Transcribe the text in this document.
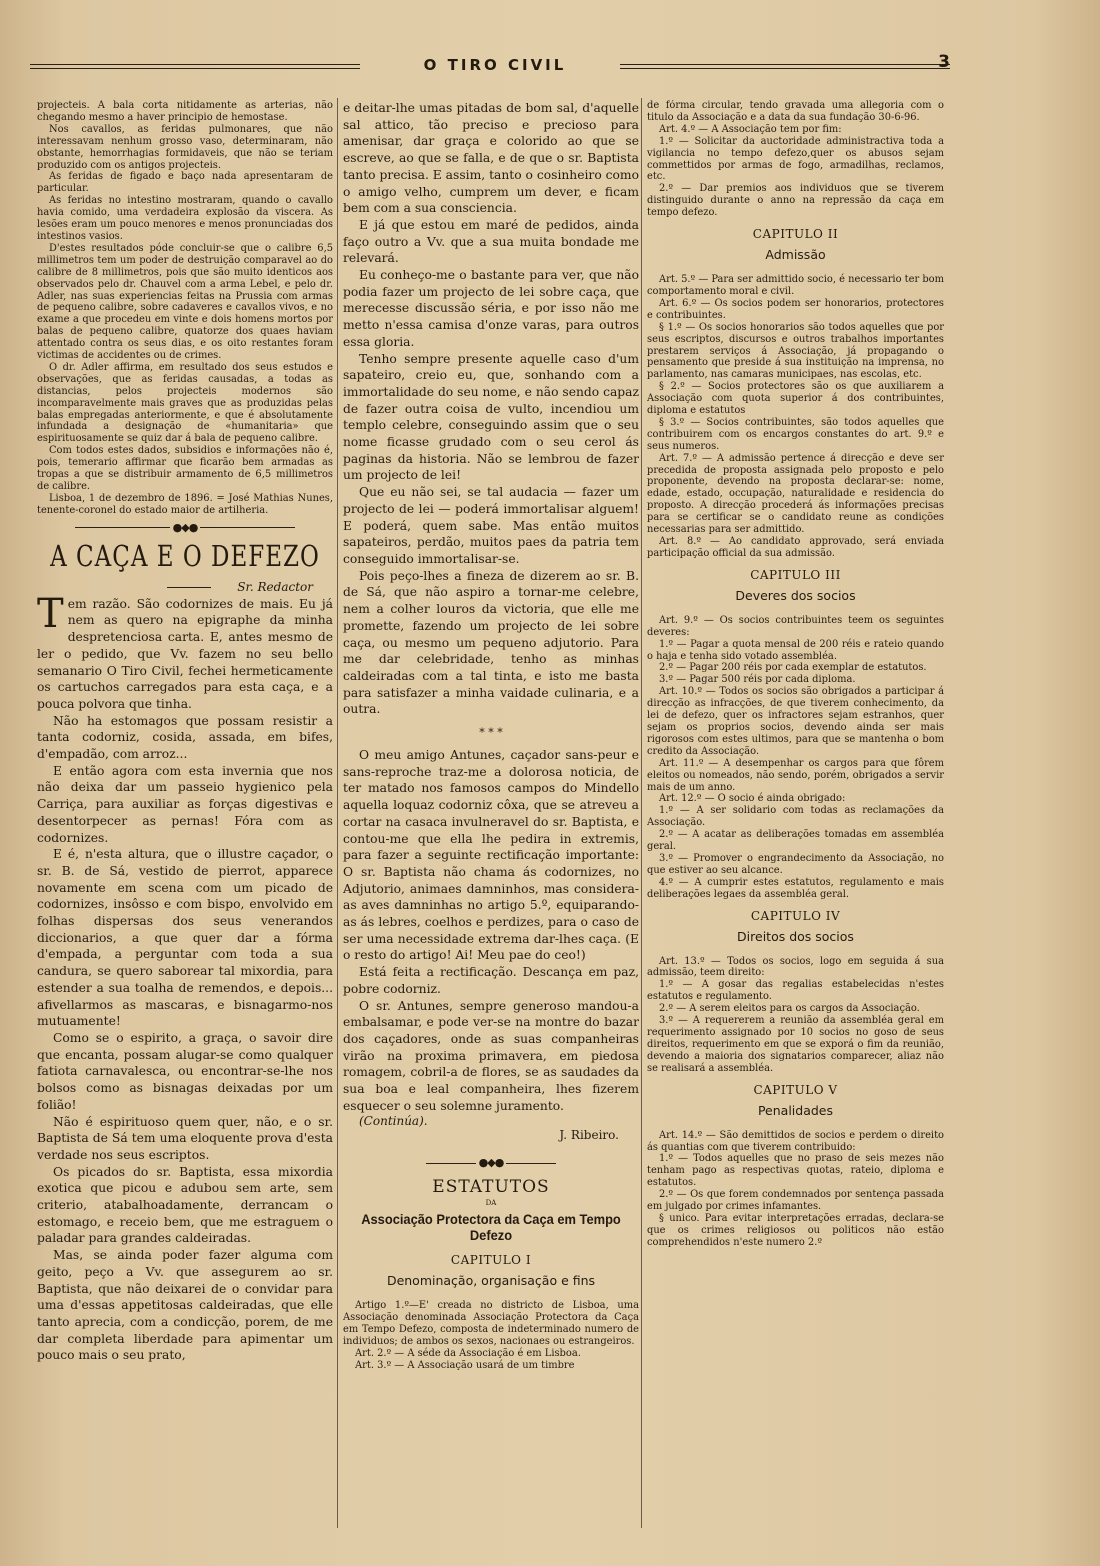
O TIRO CIVIL	3

projecteis. A bala corta nitidamente as arterias, não chegando mesmo a haver principio de hemostase.

Nos cavallos, as feridas pulmonares, que não interessavam nenhum grosso vaso, determinaram, não obstante, hemorrhagias formidaveis, que não se teriam produzido com os antigos projecteis.

As feridas de figado e baço nada apresentaram de particular.

As feridas no intestino mostraram, quando o cavallo havia comido, uma verdadeira explosão da viscera. As lesões eram um pouco menores e menos pronunciadas dos intestinos vasios.

D'estes resultados póde concluir-se que o calibre 6,5 millimetros tem um poder de destruição comparavel ao do calibre de 8 millimetros, pois que são muito identicos aos observados pelo dr. Chauvel com a arma Lebel, e pelo dr. Adler, nas suas experiencias feitas na Prussia com armas de pequeno calibre, sobre cadaveres e cavallos vivos, e no exame a que procedeu em vinte e dois homens mortos por balas de pequeno calibre, quatorze dos quaes haviam attentado contra os seus dias, e os oito restantes foram victimas de accidentes ou de crimes.

O dr. Adler affirma, em resultado dos seus estudos e observações, que as feridas causadas, a todas as distancias, pelos projecteis modernos são incomparavelmente mais graves que as produzidas pelas balas empregadas anteriormente, e que é absolutamente infundada a designação de «humanitaria» que espirituosamente se quiz dar á bala de pequeno calibre.

Com todos estes dados, subsidios e informações não é, pois, temerario affirmar que ficarão bem armadas as tropas a que se distribuir armamento de 6,5 millimetros de calibre.

Lisboa, 1 de dezembro de 1896. = José Mathias Nunes, tenente-coronel do estado maior de artilheria.

●◆●
A CAÇA E O DEFEZO
Sr. Redactor

Tem razão. São codornizes de mais. Eu já nem as quero na epigraphe da minha despretenciosa carta. E, antes mesmo de ler o pedido, que Vv. fazem no seu bello semanario O Tiro Civil, fechei hermeticamente os cartuchos carregados para esta caça, e a pouca polvora que tinha.

Não ha estomagos que possam resistir a tanta codorniz, cosida, assada, em bifes, d'empadão, com arroz...

E então agora com esta invernia que nos não deixa dar um passeio hygienico pela Carriça, para auxiliar as forças digestivas e desentorpecer as pernas! Fóra com as codornizes.

E é, n'esta altura, que o illustre caçador, o sr. B. de Sá, vestido de pierrot, apparece novamente em scena com um picado de codornizes, insôsso e com bispo, envolvido em folhas dispersas dos seus venerandos diccionarios, a que quer dar a fórma d'empada, a perguntar com toda a sua candura, se quero saborear tal mixordia, para estender a sua toalha de remendos, e depois... afivellarmos as mascaras, e bisnagarmo-nos mutuamente!

Como se o espirito, a graça, o savoir dire que encanta, possam alugar-se como qualquer fatiota carnavalesca, ou encontrar-se-lhe nos bolsos como as bisnagas deixadas por um folião!

Não é espirituoso quem quer, não, e o sr. Baptista de Sá tem uma eloquente prova d'esta verdade nos seus escriptos.

Os picados do sr. Baptista, essa mixordia exotica que picou e adubou sem arte, sem criterio, atabalhoadamente, derrancam o estomago, e receio bem, que me estraguem o paladar para grandes caldeiradas.

Mas, se ainda poder fazer alguma com geito, peço a Vv. que assegurem ao sr. Baptista, que não deixarei de o convidar para uma d'essas appetitosas caldeiradas, que elle tanto aprecia, com a condicção, porem, de me dar completa liberdade para apimentar um pouco mais o seu prato,

e deitar-lhe umas pitadas de bom sal, d'aquelle sal attico, tão preciso e precioso para amenisar, dar graça e colorido ao que se escreve, ao que se falla, e de que o sr. Baptista tanto precisa. E assim, tanto o cosinheiro como o amigo velho, cumprem um dever, e ficam bem com a sua consciencia.

E já que estou em maré de pedidos, ainda faço outro a Vv. que a sua muita bondade me relevará.

Eu conheço-me o bastante para ver, que não podia fazer um projecto de lei sobre caça, que merecesse discussão séria, e por isso não me metto n'essa camisa d'onze varas, para outros essa gloria.

Tenho sempre presente aquelle caso d'um sapateiro, creio eu, que, sonhando com a immortalidade do seu nome, e não sendo capaz de fazer outra coisa de vulto, incendiou um templo celebre, conseguindo assim que o seu nome ficasse grudado com o seu cerol ás paginas da historia. Não se lembrou de fazer um projecto de lei!

Que eu não sei, se tal audacia — fazer um projecto de lei — poderá immortalisar alguem! E poderá, quem sabe. Mas então muitos sapateiros, perdão, muitos paes da patria tem conseguido immortalisar-se.

Pois peço-lhes a fineza de dizerem ao sr. B. de Sá, que não aspiro a tornar-me celebre, nem a colher louros da victoria, que elle me promette, fazendo um projecto de lei sobre caça, ou mesmo um pequeno adjutorio. Para me dar celebridade, tenho as minhas caldeiradas com a tal tinta, e isto me basta para satisfazer a minha vaidade culinaria, e a outra.

* * *

O meu amigo Antunes, caçador sans-peur e sans-reproche traz-me a dolorosa noticia, de ter matado nos famosos campos do Mindello aquella loquaz codorniz côxa, que se atreveu a cortar na casaca invulneravel do sr. Baptista, e contou-me que ella lhe pedira in extremis, para fazer a seguinte rectificação importante: O sr. Baptista não chama ás codornizes, no Adjutorio, animaes damninhos, mas considera-as aves damninhas no artigo 5.º, equiparando-as ás lebres, coelhos e perdizes, para o caso de ser uma necessidade extrema dar-lhes caça. (E o resto do artigo! Ai! Meu pae do ceo!)

Está feita a rectificação. Descança em paz, pobre codorniz.

O sr. Antunes, sempre generoso mandou-a embalsamar, e pode ver-se na montre do bazar dos caçadores, onde as suas companheiras virão na proxima primavera, em piedosa romagem, cobril-a de flores, se as saudades da sua boa e leal companheira, lhes fizerem esquecer o seu solemne juramento.

(Continúa).
J. Ribeiro.
●◆●
ESTATUTOS
DA
Associação Protectora da Caça em Tempo Defezo
CAPITULO I
Denominação, organisação e fins

Artigo 1.º—E' creada no districto de Lisboa, uma Associação denominada Associação Protectora da Caça em Tempo Defezo, composta de indeterminado numero de individuos; de ambos os sexos, nacionaes ou estrangeiros.

Art. 2.º — A séde da Associação é em Lisboa.

Art. 3.º — A Associação usará de um timbre

de fórma circular, tendo gravada uma allegoria com o titulo da Associação e a data da sua fundação 30-6-96.

Art. 4.º — A Associação tem por fim:

1.º — Solicitar da auctoridade administractiva toda a vigilancia no tempo defezo,quer os abusos sejam commettidos por armas de fogo, armadilhas, reclamos, etc.

2.º — Dar premios aos individuos que se tiverem distinguido durante o anno na repressão da caça em tempo defezo.

CAPITULO II
Admissão

Art. 5.º — Para ser admittido socio, é necessario ter bom comportamento moral e civil.

Art. 6.º — Os socios podem ser honorarios, protectores e contribuintes.

§ 1.º — Os socios honorarios são todos aquelles que por seus escriptos, discursos e outros trabalhos importantes prestarem serviços á Associação, já propagando o pensamento que preside á sua instituição na imprensa, no parlamento, nas camaras municipaes, nas escolas, etc.

§ 2.º — Socios protectores são os que auxiliarem a Associação com quota superior á dos contribuintes, diploma e estatutos

§ 3.º — Socios contribuintes, são todos aquelles que contribuirem com os encargos constantes do art. 9.º e seus numeros.

Art. 7.º — A admissão pertence á direcção e deve ser precedida de proposta assignada pelo proposto e pelo proponente, devendo na proposta declarar-se: nome, edade, estado, occupação, naturalidade e residencia do proposto. A direcção procederá ás informações precisas para se certificar se o candidato reune as condições necessarias para ser admittido.

Art. 8.º — Ao candidato approvado, será enviada participação official da sua admissão.

CAPITULO III
Deveres dos socios

Art. 9.º — Os socios contribuintes teem os seguintes deveres:

1.º — Pagar a quota mensal de 200 réis e rateio quando o haja e tenha sido votado assembléa.

2.º — Pagar 200 réis por cada exemplar de estatutos.

3.º — Pagar 500 réis por cada diploma.

Art. 10.º — Todos os socios são obrigados a participar á direcção as infracções, de que tiverem conhecimento, da lei de defezo, quer os infractores sejam estranhos, quer sejam os proprios socios, devendo ainda ser mais rigorosos com estes ultimos, para que se mantenha o bom credito da Associação.

Art. 11.º — A desempenhar os cargos para que fôrem eleitos ou nomeados, não sendo, porém, obrigados a servir mais de um anno.

Art. 12.º — O socio é ainda obrigado:

1.º — A ser solidario com todas as reclamações da Associação.

2.º — A acatar as deliberações tomadas em assembléa geral.

3.º — Promover o engrandecimento da Associação, no que estiver ao seu alcance.

4.º — A cumprir estes estatutos, regulamento e mais deliberações legaes da assembléa geral.

CAPITULO IV
Direitos dos socios

Art. 13.º — Todos os socios, logo em seguida á sua admissão, teem direito:

1.º — A gosar das regalias estabelecidas n'estes estatutos e regulamento.

2.º — A serem eleitos para os cargos da Associação.

3.º — A requererem a reunião da assembléa geral em requerimento assignado por 10 socios no goso de seus direitos, requerimento em que se exporá o fim da reunião, devendo a maioria dos signatarios comparecer, aliaz não se realisará a assembléa.

CAPITULO V
Penalidades

Art. 14.º — São demittidos de socios e perdem o direito ás quantias com que tiverem contribuido:

1.º — Todos aquelles que no praso de seis mezes não tenham pago as respectivas quotas, rateio, diploma e estatutos.

2.º — Os que forem condemnados por sentença passada em julgado por crimes infamantes.

§ unico. Para evitar interpretações erradas, declara-se que os crimes religiosos ou politicos não estão comprehendidos n'este numero 2.º
